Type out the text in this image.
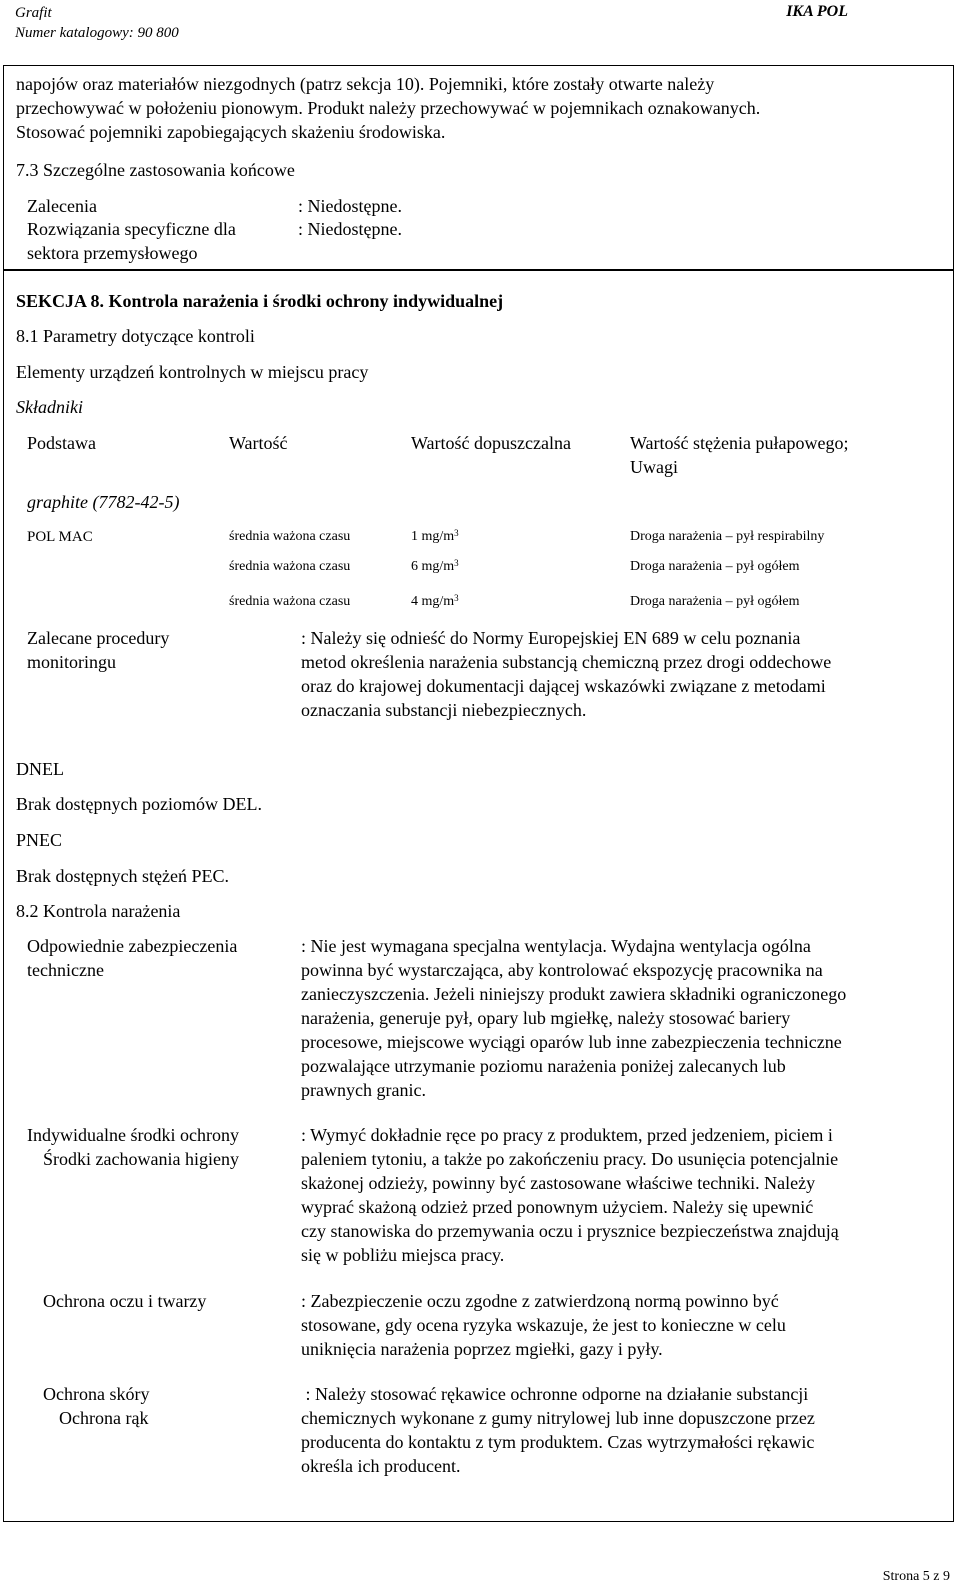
Grafit
Numer katalogowy: 90 800
IKA POL
napojów oraz materiałów niezgodnych (patrz sekcja 10). Pojemniki, które zostały otwarte należy
przechowywać w położeniu pionowym. Produkt należy przechowywać w pojemnikach oznakowanych.
Stosować pojemniki zapobiegających skażeniu środowiska.
7.3 Szczególne zastosowania końcowe
Zalecenia	: Niedostępne.
Rozwiązania specyficzne dla
sektora przemysłowego
: Niedostępne.
SEKCJA 8. Kontrola narażenia i środki ochrony indywidualnej
8.1 Parametry dotyczące kontroli
Elementy urządzeń kontrolnych w miejscu pracy
Składniki
Podstawa	Wartość	Wartość dopuszczalna	Wartość stężenia pułapowego;
Uwagi
graphite (7782-42-5)
POL MAC	średnia ważona czasu	1 $mg/m^3$	Droga narażenia – pył respirabilny
średnia ważona czasu	6 $mg/m^3$	Droga narażenia – pył ogółem
średnia ważona czasu	4 $mg/m^3$	Droga narażenia – pył ogółem
Zalecane procedury
monitoringu
: Należy się odnieść do Normy Europejskiej EN 689 w celu poznania
metod określenia narażenia substancją chemiczną przez drogi oddechowe
oraz do krajowej dokumentacji dającej wskazówki związane z metodami
oznaczania substancji niebezpiecznych.
DNEL
Brak dostępnych poziomów DEL.
PNEC
Brak dostępnych stężeń PEC.
8.2 Kontrola narażenia
Odpowiednie zabezpieczenia
techniczne
: Nie jest wymagana specjalna wentylacja. Wydajna wentylacja ogólna
powinna być wystarczająca, aby kontrolować ekspozycję pracownika na
zanieczyszczenia. Jeżeli niniejszy produkt zawiera składniki ograniczonego
narażenia, generuje pył, opary lub mgiełkę, należy stosować bariery
procesowe, miejscowe wyciągi oparów lub inne zabezpieczenia techniczne
pozwalające utrzymanie poziomu narażenia poniżej zalecanych lub
prawnych granic.
Indywidualne środki ochrony
Środki zachowania higieny
: Wymyć dokładnie ręce po pracy z produktem, przed jedzeniem, piciem i
paleniem tytoniu, a także po zakończeniu pracy. Do usunięcia potencjalnie
skażonej odzieży, powinny być zastosowane właściwe techniki. Należy
wyprać skażoną odzież przed ponownym użyciem. Należy się upewnić
czy stanowiska do przemywania oczu i prysznice bezpieczeństwa znajdują
się w pobliżu miejsca pracy.
Ochrona oczu i twarzy	: Zabezpieczenie oczu zgodne z zatwierdzoną normą powinno być
stosowane, gdy ocena ryzyka wskazuje, że jest to konieczne w celu
uniknięcia narażenia poprzez mgiełki, gazy i pyły.
Ochrona skóry
Ochrona rąk
: Należy stosować rękawice ochronne odporne na działanie substancji
chemicznych wykonane z gumy nitrylowej lub inne dopuszczone przez
producenta do kontaktu z tym produktem. Czas wytrzymałości rękawic
określa ich producent.
Strona 5 z 9
